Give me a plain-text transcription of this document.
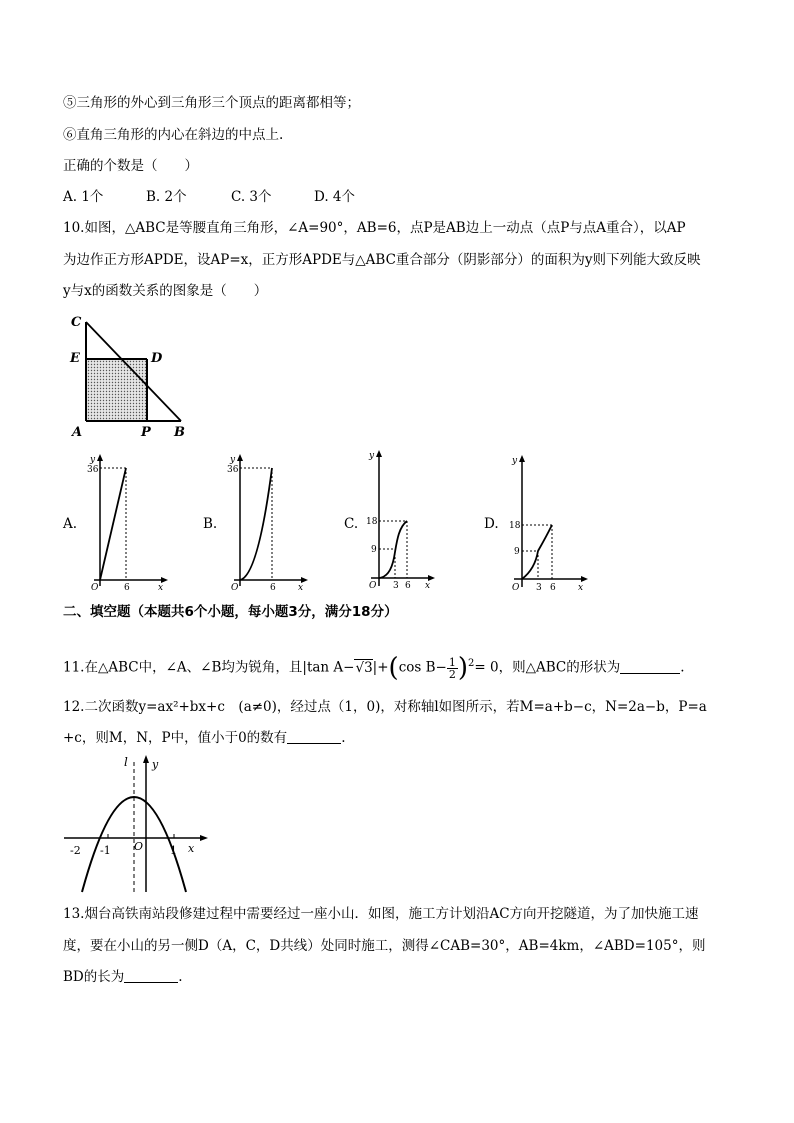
⑤三角形的外心到三角形三个顶点的距离都相等；
⑥直角三角形的内心在斜边的中点上.
正确的个数是（　　）
A. 1个	B. 2个	C. 3个	D. 4个
10.如图，△ABC是等腰直角三角形，∠A=90°，AB=6，点P是AB边上一动点（点P与点A重合），以AP
为边作正方形APDE，设AP=x，正方形APDE与△ABC重合部分（阴影部分）的面积为y则下列能大致反映
y与x的函数关系的图象是（　　）
C
E	D
A	P B
A.	B.	C.	D.
y
36
O	6	x
y
36
O	6 x
y
18
9
O 3 6 x
y
18
9
O 3 6 x
二、填空题（本题共6个小题，每小题3分，满分18分）
11.在△ABC中，∠A、∠B均为锐角，且|tan A−√3|+(cos $B- \frac{1}{2} )^2= 0$，则△ABC的形状为	.
12.二次函数y=ax²+bx+c　(a≠0)，经过点（1，0)，对称轴l如图所示，若M=a+b−c，N=2a−b，P=a
+c，则M，N，P中，值小于0的数有	.
l y
x
-2 -1 O 1
13.烟台高铁南站段修建过程中需要经过一座小山．如图，施工方计划沿AC方向开挖隧道，为了加快施工速
度，要在小山的另一侧D（A，C，D共线）处同时施工，测得∠CAB=30°，AB=4km，∠ABD=105°，则
BD的长为	.
